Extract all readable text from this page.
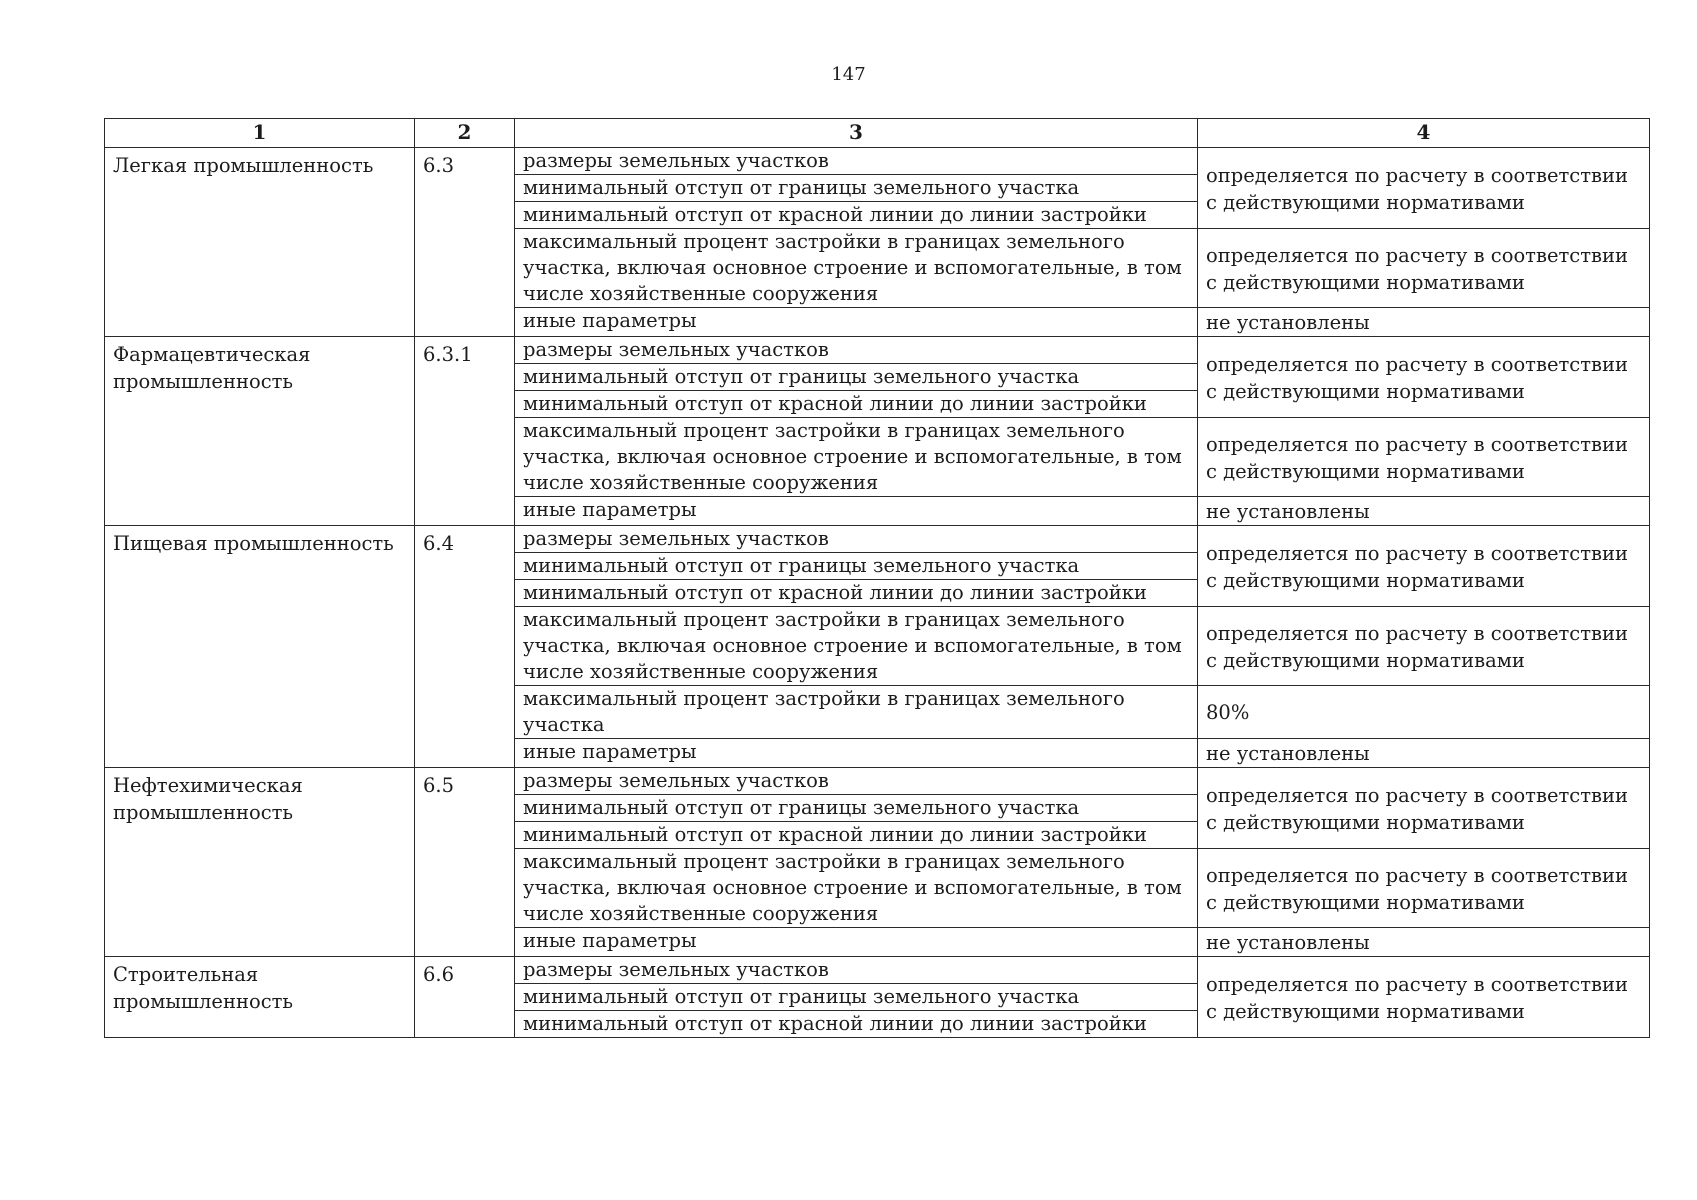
147
1	2	3	4
Легкая промышленность	6.3	размеры земельных участков	определяется по расчету в соответствии с действующими нормативами
		минимальный отступ от границы земельного участка	
		минимальный отступ от красной линии до линии застройки	
		максимальный процент застройки в границах земельного участка, включая основное строение и вспомогательные, в том числе хозяйственные сооружения	определяется по расчету в соответствии с действующими нормативами
		иные параметры	не установлены
Фармацевтическая промышленность	6.3.1	размеры земельных участков	определяется по расчету в соответствии с действующими нормативами
		минимальный отступ от границы земельного участка	
		минимальный отступ от красной линии до линии застройки	
		максимальный процент застройки в границах земельного участка, включая основное строение и вспомогательные, в том числе хозяйственные сооружения	определяется по расчету в соответствии с действующими нормативами
		иные параметры	не установлены
Пищевая промышленность	6.4	размеры земельных участков	определяется по расчету в соответствии с действующими нормативами
		минимальный отступ от границы земельного участка	
		минимальный отступ от красной линии до линии застройки	
		максимальный процент застройки в границах земельного участка, включая основное строение и вспомогательные, в том числе хозяйственные сооружения	определяется по расчету в соответствии с действующими нормативами
		максимальный процент застройки в границах земельного участка	80%
		иные параметры	не установлены
Нефтехимическая промышленность	6.5	размеры земельных участков	определяется по расчету в соответствии с действующими нормативами
		минимальный отступ от границы земельного участка	
		минимальный отступ от красной линии до линии застройки	
		максимальный процент застройки в границах земельного участка, включая основное строение и вспомогательные, в том числе хозяйственные сооружения	определяется по расчету в соответствии с действующими нормативами
		иные параметры	не установлены
Строительная промышленность	6.6	размеры земельных участков	определяется по расчету в соответствии с действующими нормативами
		минимальный отступ от границы земельного участка	
		минимальный отступ от красной линии до линии застройки	
